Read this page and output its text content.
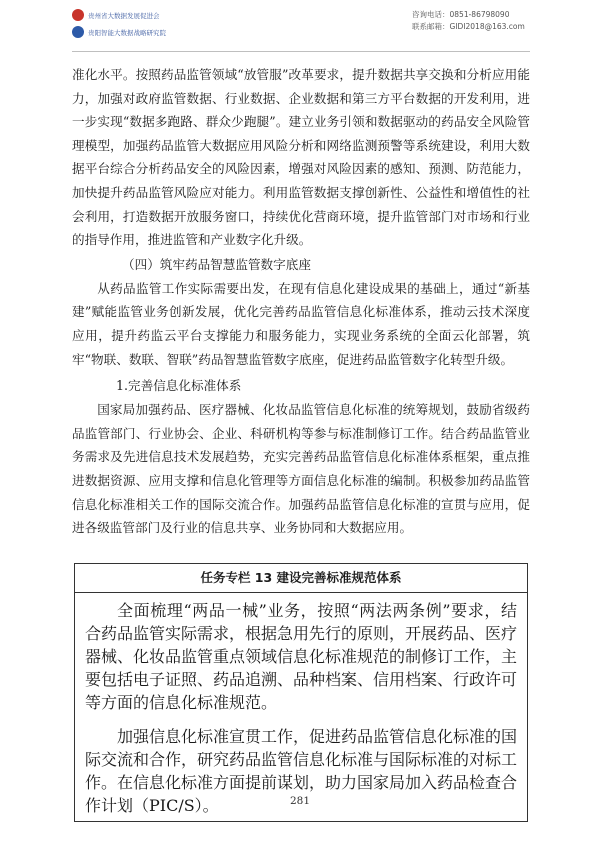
贵州省大数据发展促进会
贵阳智能大数据战略研究院
咨询电话：0851-86798090
联系邮箱：GIDI2018@163.com

准化水平。按照药品监管领域“放管服”改革要求，提升数据共享交换和分析应用能力，加强对政府监管数据、行业数据、企业数据和第三方平台数据的开发利用，进一步实现“数据多跑路、群众少跑腿”。建立业务引领和数据驱动的药品安全风险管理模型，加强药品监管大数据应用风险分析和网络监测预警等系统建设，利用大数据平台综合分析药品安全的风险因素，增强对风险因素的感知、预测、防范能力，加快提升药品监管风险应对能力。利用监管数据支撑创新性、公益性和增值性的社会利用，打造数据开放服务窗口，持续优化营商环境，提升监管部门对市场和行业的指导作用，推进监管和产业数字化升级。

（四）筑牢药品智慧监管数字底座

从药品监管工作实际需要出发，在现有信息化建设成果的基础上，通过“新基建”赋能监管业务创新发展，优化完善药品监管信息化标准体系，推动云技术深度应用，提升药监云平台支撑能力和服务能力，实现业务系统的全面云化部署，筑牢“物联、数联、智联”药品智慧监管数字底座，促进药品监管数字化转型升级。

1.完善信息化标准体系

国家局加强药品、医疗器械、化妆品监管信息化标准的统筹规划，鼓励省级药品监管部门、行业协会、企业、科研机构等参与标准制修订工作。结合药品监管业务需求及先进信息技术发展趋势，充实完善药品监管信息化标准体系框架，重点推进数据资源、应用支撑和信息化管理等方面信息化标准的编制。积极参加药品监管信息化标准相关工作的国际交流合作。加强药品监管信息化标准的宣贯与应用，促进各级监管部门及行业的信息共享、业务协同和大数据应用。

任务专栏 13 建设完善标准规范体系

全面梳理“两品一械”业务，按照“两法两条例”要求，结合药品监管实际需求，根据急用先行的原则，开展药品、医疗器械、化妆品监管重点领域信息化标准规范的制修订工作，主要包括电子证照、药品追溯、品种档案、信用档案、行政许可等方面的信息化标准规范。

加强信息化标准宣贯工作，促进药品监管信息化标准的国际交流和合作，研究药品监管信息化标准与国际标准的对标工作。在信息化标准方面提前谋划，助力国家局加入药品检查合作计划（PIC/S）。	281
